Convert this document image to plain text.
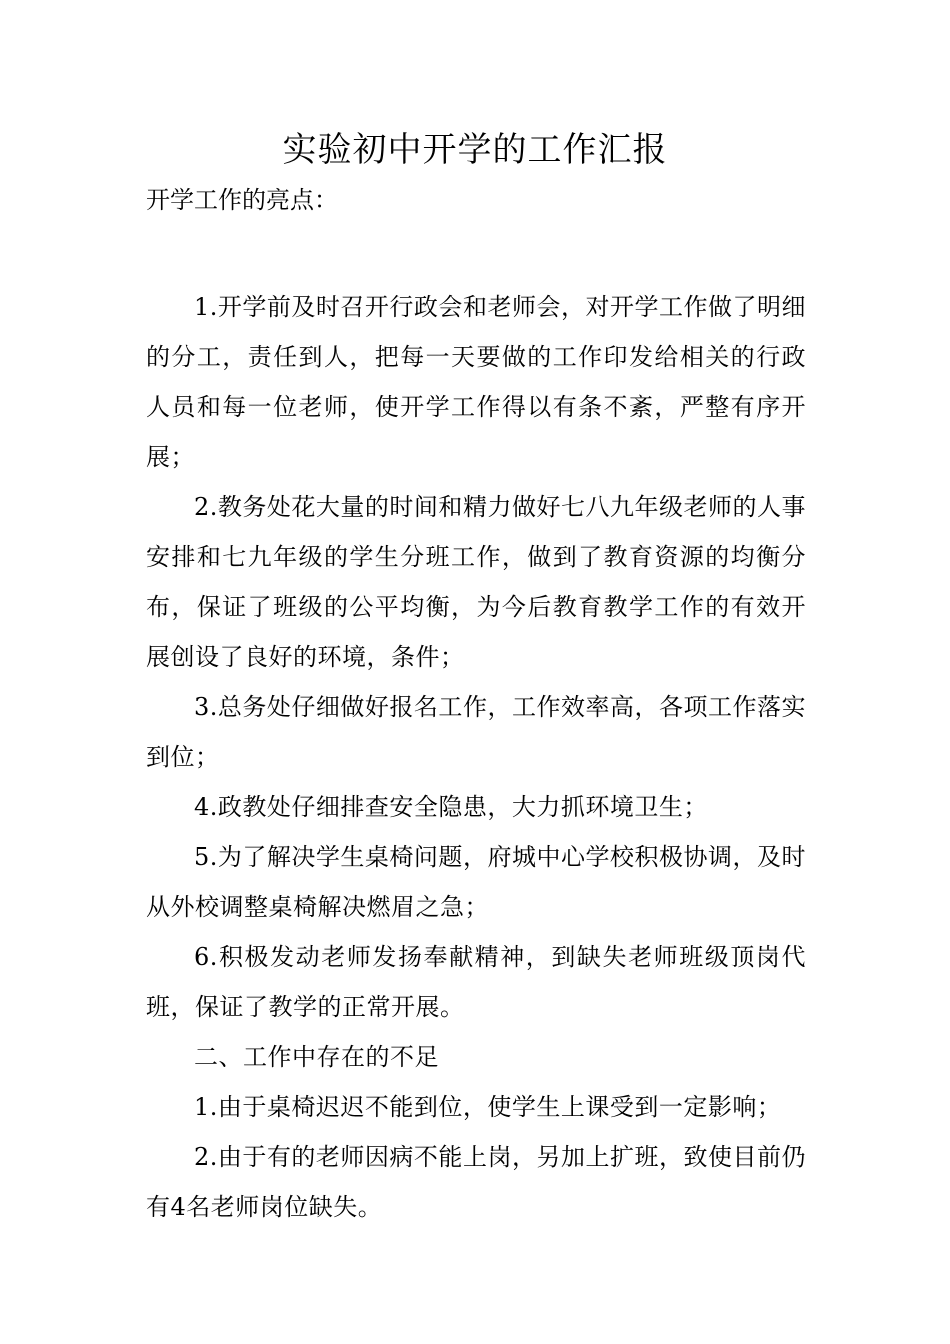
实验初中开学的工作汇报

开学工作的亮点：

1.开学前及时召开行政会和老师会，对开学工作做了明细的分工，责任到人，把每一天要做的工作印发给相关的行政人员和每一位老师，使开学工作得以有条不紊，严整有序开展；

2.教务处花大量的时间和精力做好七八九年级老师的人事安排和七九年级的学生分班工作，做到了教育资源的均衡分布，保证了班级的公平均衡，为今后教育教学工作的有效开展创设了良好的环境，条件；

3.总务处仔细做好报名工作，工作效率高，各项工作落实到位；

4.政教处仔细排查安全隐患，大力抓环境卫生；

5.为了解决学生桌椅问题，府城中心学校积极协调，及时从外校调整桌椅解决燃眉之急；

6.积极发动老师发扬奉献精神，到缺失老师班级顶岗代班，保证了教学的正常开展。

二、工作中存在的不足

1.由于桌椅迟迟不能到位，使学生上课受到一定影响；

2.由于有的老师因病不能上岗，另加上扩班，致使目前仍有4名老师岗位缺失。
